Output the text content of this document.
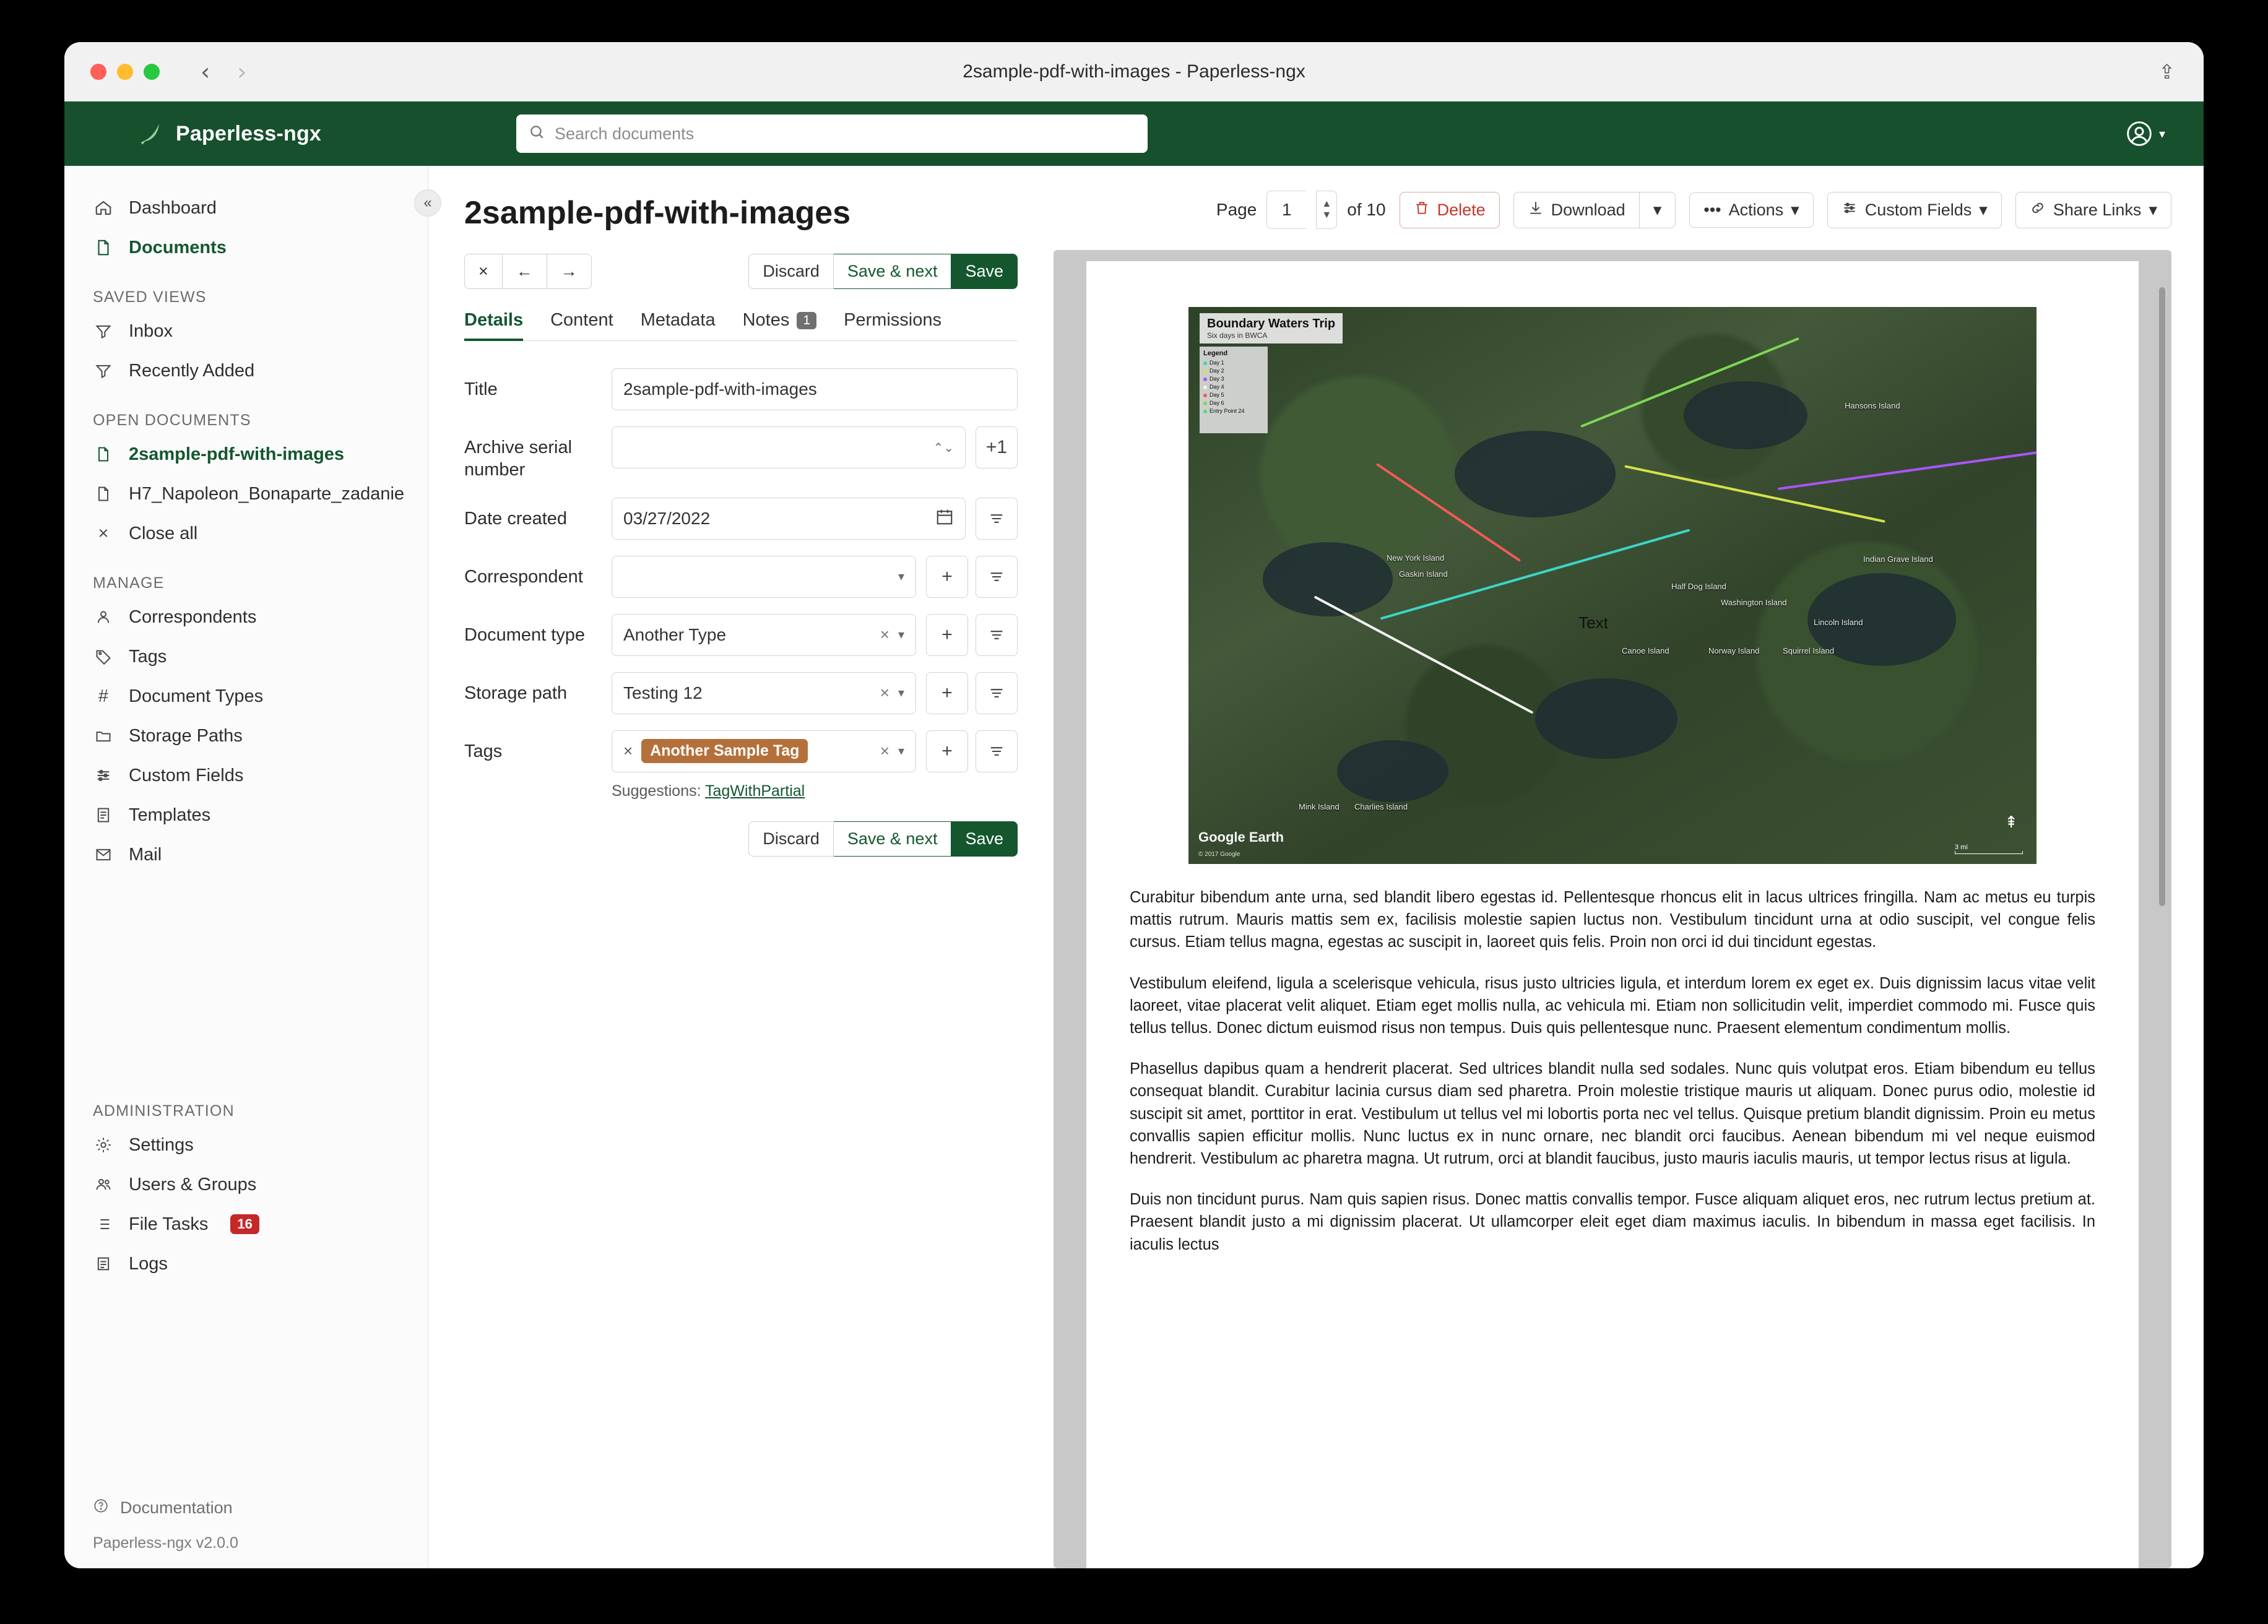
‹ ›	2sample-pdf-with-images - Paperless-ngx	⇪
Paperless-ngx
Search documents	▾
«
Dashboard
Documents
SAVED VIEWS
Inbox
Recently Added
OPEN DOCUMENTS
2sample-pdf-with-images
H7_Napoleon_Bonaparte_zadanie
× Close all
MANAGE
Correspondents
Tags
#	Document Types
Storage Paths
Custom Fields
Templates
Mail
ADMINISTRATION
Settings
Users & Groups
File Tasks	16
Logs
Documentation
Paperless-ngx v2.0.0
2sample-pdf-with-images
×	←	→	Discard	Save & next	Save
Details Content Metadata Notes	1	Permissions
Title	2sample-pdf-with-images
Archive serial number
⌃⌄	+1
Date created	03/27/2022
Correspondent	▾	+
Document type	Another Type	× ▾	+
Storage path	Testing 12	× ▾	+
Tags	×	Another Sample Tag	× ▾	+
Suggestions: TagWithPartial
Discard	Save & next	Save
Page
1	▲
▼ of 10	Delete	Download ▾	••• Actions ▾	Custom Fields ▾	Share Links ▾
Boundary Waters Trip
Six days in BWCA
Legend
Day 1
Day 2
Day 3
Day 4
Day 5
Day 6
Entry Point 24
Hansons Island
Indian Grave Island
New York Island
Gaskin Island
Half Dog Island
Washington Island
Lincoln Island
Canoe Island	Norway Island	Squirrel Island
Mink Island Charlies Island
Text
Google Earth
© 2017 Google
⇞
3 mi

Curabitur bibendum ante urna, sed blandit libero egestas id. Pellentesque rhoncus elit in lacus ultrices fringilla. Nam ac metus eu turpis mattis rutrum. Mauris mattis sem ex, facilisis molestie sapien luctus non. Vestibulum tincidunt urna at odio suscipit, vel congue felis cursus. Etiam tellus magna, egestas ac suscipit in, laoreet quis felis. Proin non orci id dui tincidunt egestas.

Vestibulum eleifend, ligula a scelerisque vehicula, risus justo ultricies ligula, et interdum lorem ex eget ex. Duis dignissim lacus vitae velit laoreet, vitae placerat velit aliquet. Etiam eget mollis nulla, ac vehicula mi. Etiam non sollicitudin velit, imperdiet commodo mi. Fusce quis tellus tellus. Donec dictum euismod risus non tempus. Duis quis pellentesque nunc. Praesent elementum condimentum mollis.

Phasellus dapibus quam a hendrerit placerat. Sed ultrices blandit nulla sed sodales. Nunc quis volutpat eros. Etiam bibendum eu tellus consequat blandit. Curabitur lacinia cursus diam sed pharetra. Proin molestie tristique mauris ut aliquam. Donec purus odio, molestie id suscipit sit amet, porttitor in erat. Vestibulum ut tellus vel mi lobortis porta nec vel tellus. Quisque pretium blandit dignissim. Proin eu metus convallis sapien efficitur mollis. Nunc luctus ex in nunc ornare, nec blandit orci faucibus. Aenean bibendum mi vel neque euismod hendrerit. Vestibulum ac pharetra magna. Ut rutrum, orci at blandit faucibus, justo mauris iaculis mauris, ut tempor lectus risus at ligula.

Duis non tincidunt purus. Nam quis sapien risus. Donec mattis convallis tempor. Fusce aliquam aliquet eros, nec rutrum lectus pretium at. Praesent blandit justo a mi dignissim placerat. Ut ullamcorper eleit eget diam maximus iaculis. In bibendum in massa eget facilisis. In iaculis lectus
